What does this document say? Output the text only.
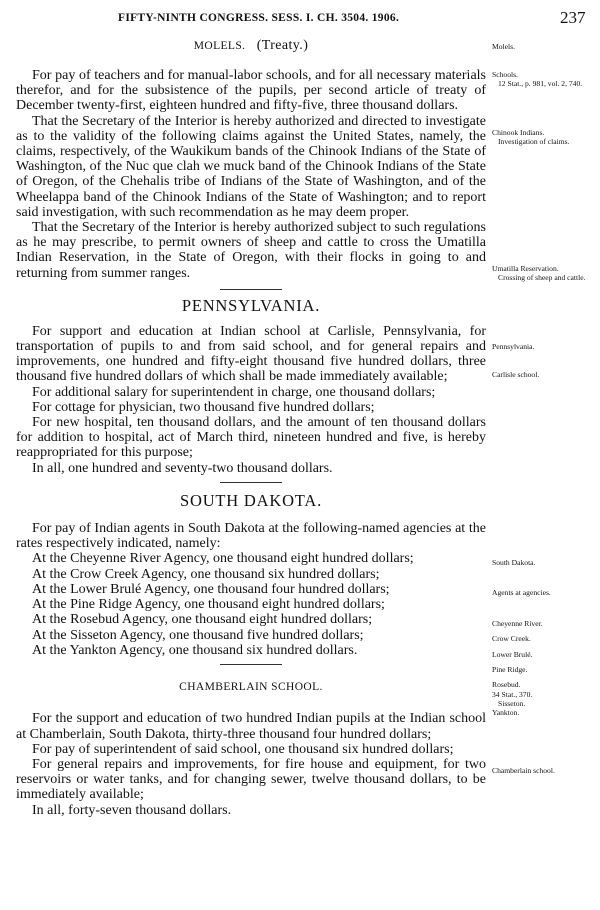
FIFTY-NINTH CONGRESS. SESS. I. CH. 3504. 1906.	237

MOLELS. (Treaty.)

For pay of teachers and for manual-labor schools, and for all necessary materials therefor, and for the subsistence of the pupils, per second article of treaty of December twenty-first, eighteen hundred and fifty-five, three thousand dollars.

That the Secretary of the Interior is hereby authorized and directed to investigate as to the validity of the following claims against the United States, namely, the claims, respectively, of the Waukikum bands of the Chinook Indians of the State of Washington, of the Nuc que clah we muck band of the Chinook Indians of the State of Oregon, of the Chehalis tribe of Indians of the State of Washington, and of the Wheelappa band of the Chinook Indians of the State of Washington; and to report said investigation, with such recommendation as he may deem proper.

That the Secretary of the Interior is hereby authorized subject to such regulations as he may prescribe, to permit owners of sheep and cattle to cross the Umatilla Indian Reservation, in the State of Oregon, with their flocks in going to and returning from summer ranges.

PENNSYLVANIA.

For support and education at Indian school at Carlisle, Pennsylvania, for transportation of pupils to and from said school, and for general repairs and improvements, one hundred and fifty-eight thousand five hundred dollars, three thousand five hundred dollars of which shall be made immediately available;

For additional salary for superintendent in charge, one thousand dollars;

For cottage for physician, two thousand five hundred dollars;

For new hospital, ten thousand dollars, and the amount of ten thousand dollars for addition to hospital, act of March third, nineteen hundred and five, is hereby reappropriated for this purpose;

In all, one hundred and seventy-two thousand dollars.

SOUTH DAKOTA.

For pay of Indian agents in South Dakota at the following-named agencies at the rates respectively indicated, namely:

At the Cheyenne River Agency, one thousand eight hundred dollars;
At the Crow Creek Agency, one thousand six hundred dollars;
At the Lower Brulé Agency, one thousand four hundred dollars;
At the Pine Ridge Agency, one thousand eight hundred dollars;
At the Rosebud Agency, one thousand eight hundred dollars;
At the Sisseton Agency, one thousand five hundred dollars;
At the Yankton Agency, one thousand six hundred dollars.

CHAMBERLAIN SCHOOL.

For the support and education of two hundred Indian pupils at the Indian school at Chamberlain, South Dakota, thirty-three thousand four hundred dollars;

For pay of superintendent of said school, one thousand six hundred dollars;

For general repairs and improvements, for fire house and equipment, for two reservoirs or water tanks, and for changing sewer, twelve thousand dollars, to be immediately available;

In all, forty-seven thousand dollars.

Molels.
Schools.
12 Stat., p. 981, vol. 2, 740.
Chinook Indians.
Investigation of claims.
Umatilla Reservation.
Crossing of sheep and cattle.
Pennsylvania.
Carlisle school.
South Dakota.
Agents at agencies.
Cheyenne River.
Crow Creek.
Lower Brulé.
Pine Ridge.
Rosebud.
34 Stat., 370.
Sisseton.
Yankton.
Chamberlain school.
